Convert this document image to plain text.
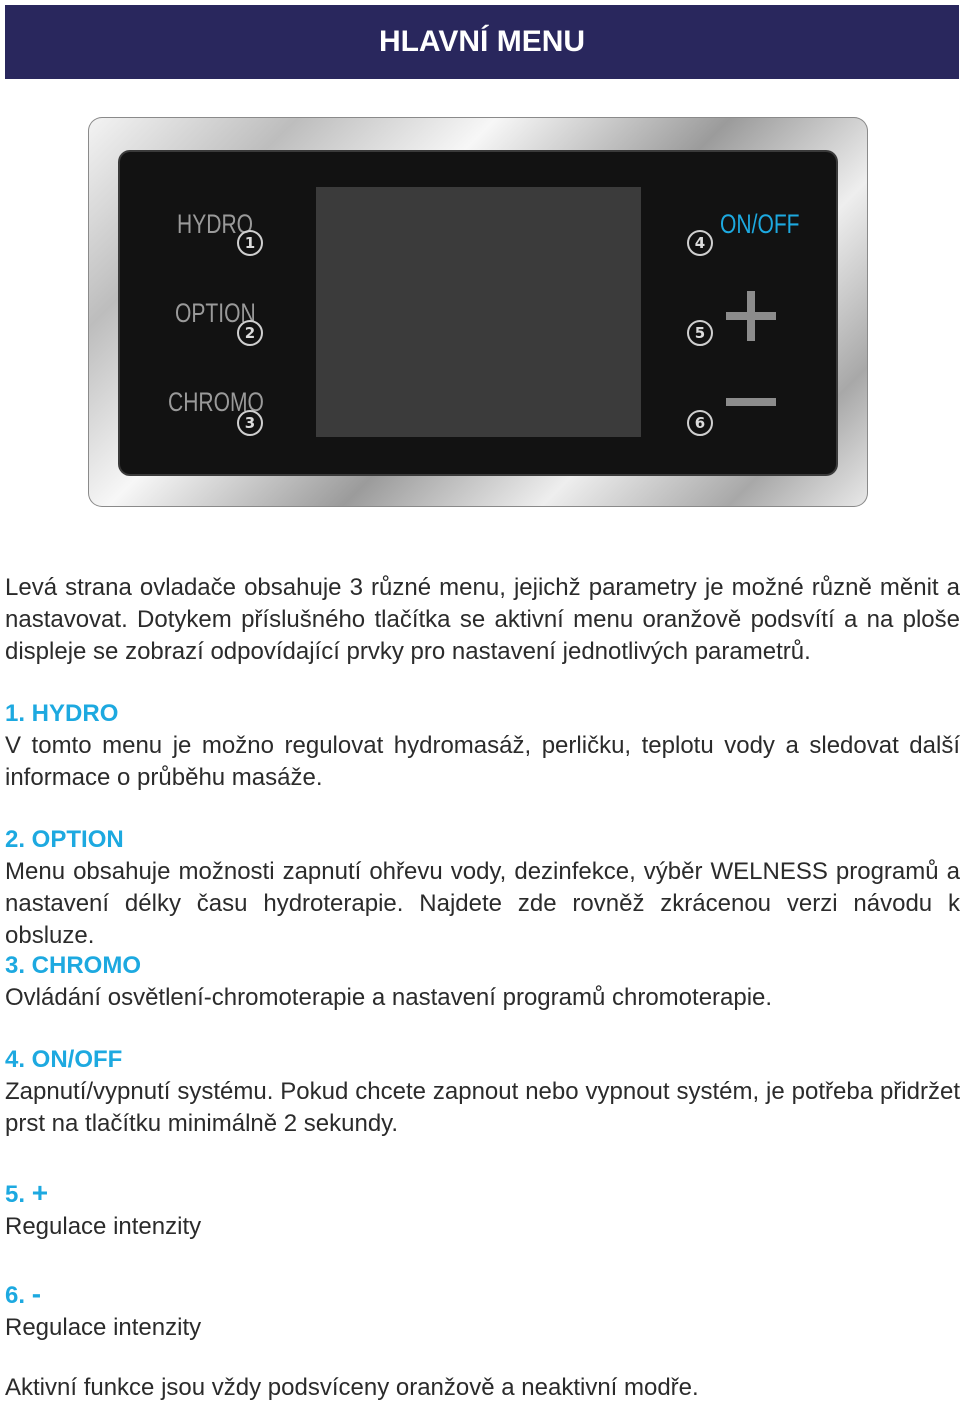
HLAVNÍ MENU
HYDRO
1
OPTION
2
CHROMO
3
4
ON/OFF
5
6

Levá strana ovladače obsahuje 3 různé menu, jejichž parametry je možné různě měnit a nastavovat. Dotykem příslušného tlačítka se aktivní menu oranžově podsvítí a na ploše displeje se zobrazí odpovídající prvky pro nastavení jednotlivých parametrů.

1. HYDRO

V tomto menu je možno regulovat hydromasáž, perličku, teplotu vody a sledovat další informace o průběhu masáže.

2. OPTION

Menu obsahuje možnosti zapnutí ohřevu vody, dezinfekce, výběr WELNESS programů a nastavení délky času hydroterapie. Najdete zde rovněž zkrácenou verzi návodu k obsluze.

3. CHROMO

Ovládání osvětlení-chromoterapie a nastavení programů chromoterapie.

4. ON/OFF

Zapnutí/vypnutí systému. Pokud chcete zapnout nebo vypnout systém, je potřeba přidržet prst na tlačítku minimálně 2 sekundy.

5. +

Regulace intenzity

6. -

Regulace intenzity

Aktivní funkce jsou vždy podsvíceny oranžově a neaktivní modře.
